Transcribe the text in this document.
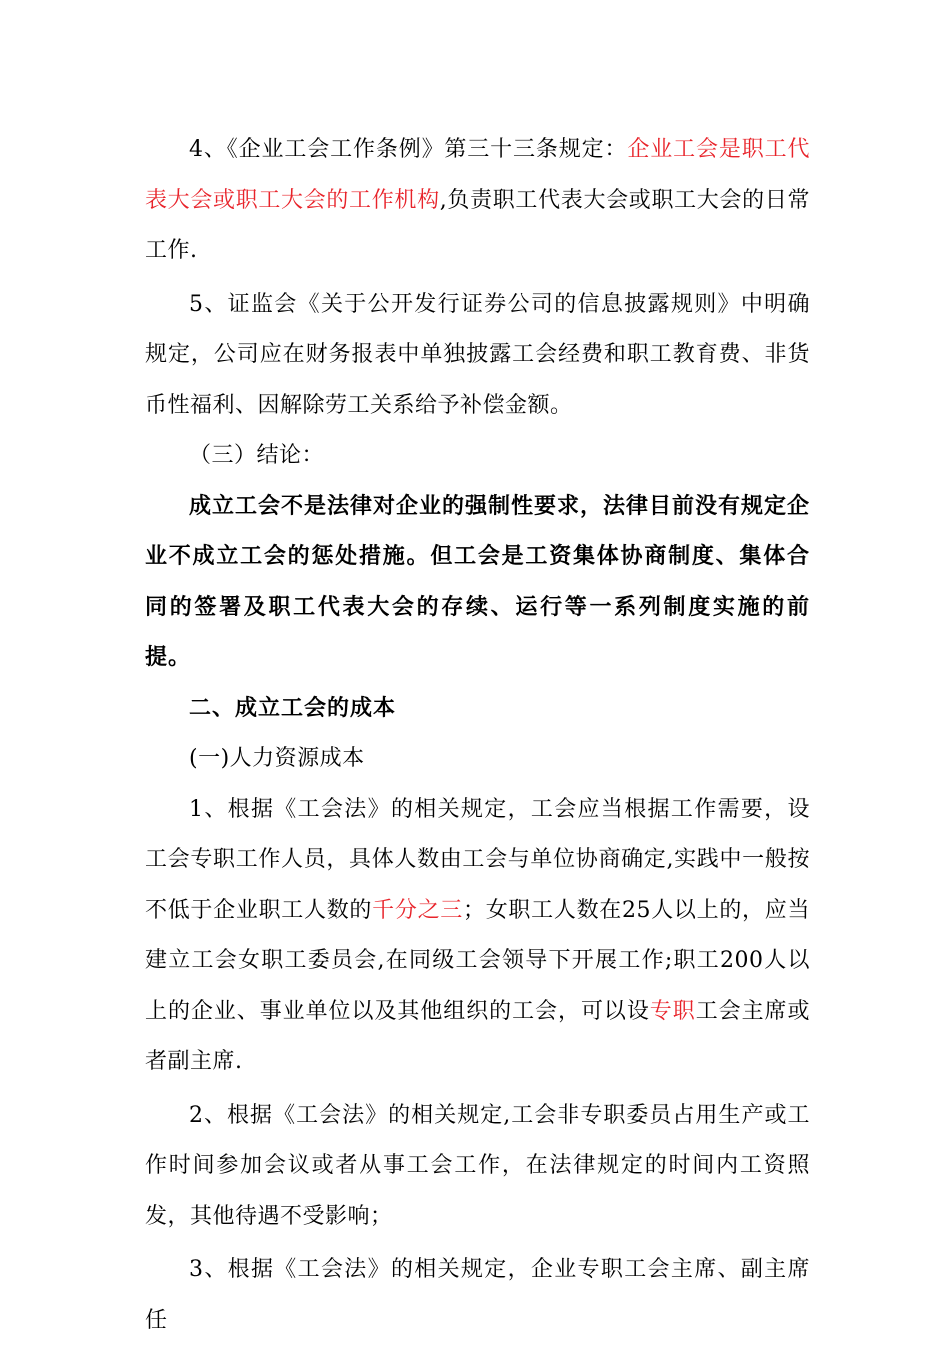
4、《企业工会工作条例》第三十三条规定：企业工会是职工代表大会或职工大会的工作机构,负责职工代表大会或职工大会的日常工作.

5、证监会《关于公开发行证券公司的信息披露规则》中明确规定，公司应在财务报表中单独披露工会经费和职工教育费、非货币性福利、因解除劳工关系给予补偿金额。

（三）结论：

成立工会不是法律对企业的强制性要求，法律目前没有规定企业不成立工会的惩处措施。但工会是工资集体协商制度、集体合同的签署及职工代表大会的存续、运行等一系列制度实施的前提。

二、成立工会的成本

(一)人力资源成本

1、根据《工会法》的相关规定，工会应当根据工作需要，设工会专职工作人员，具体人数由工会与单位协商确定,实践中一般按不低于企业职工人数的千分之三；女职工人数在25人以上的，应当建立工会女职工委员会,在同级工会领导下开展工作;职工200人以上的企业、事业单位以及其他组织的工会，可以设专职工会主席或者副主席.

2、根据《工会法》的相关规定,工会非专职委员占用生产或工作时间参加会议或者从事工会工作，在法律规定的时间内工资照发，其他待遇不受影响；

3、根据《工会法》的相关规定，企业专职工会主席、副主席任
